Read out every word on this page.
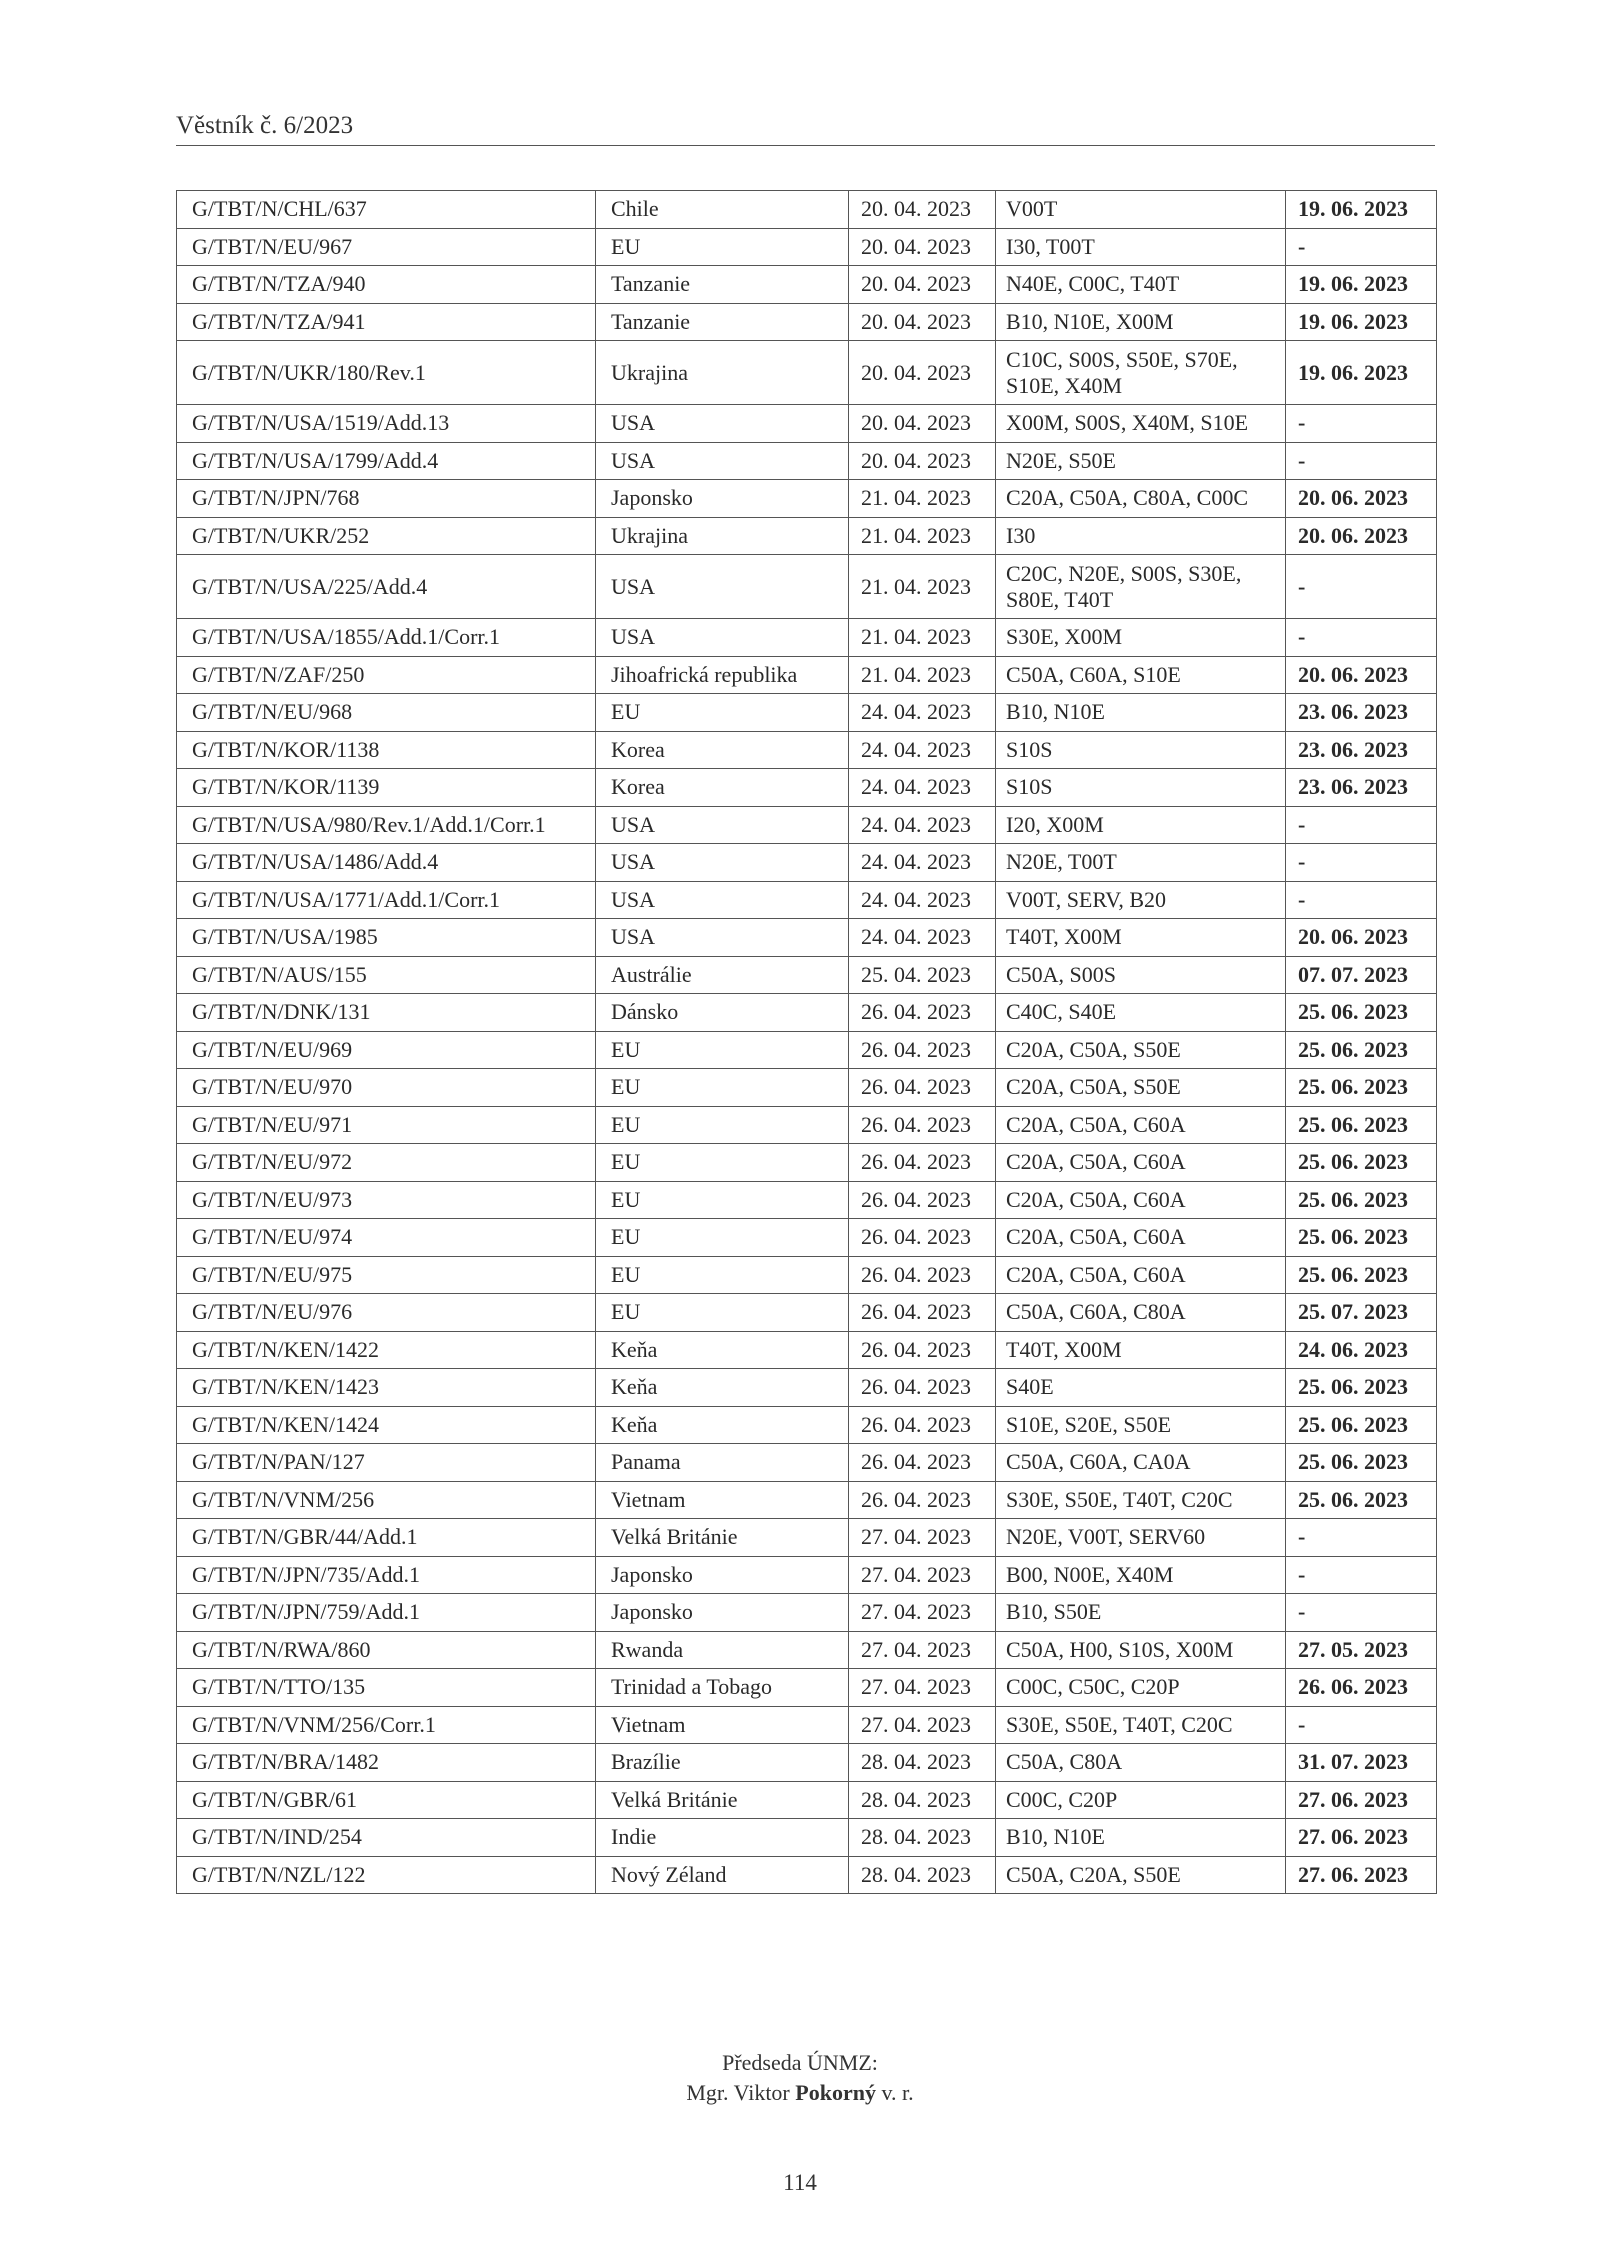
Věstník č. 6/2023
G/TBT/N/CHL/637	Chile	20. 04. 2023	V00T	19. 06. 2023
G/TBT/N/EU/967	EU	20. 04. 2023	I30, T00T	-
G/TBT/N/TZA/940	Tanzanie	20. 04. 2023	N40E, C00C, T40T	19. 06. 2023
G/TBT/N/TZA/941	Tanzanie	20. 04. 2023	B10, N10E, X00M	19. 06. 2023
G/TBT/N/UKR/180/Rev.1	Ukrajina	20. 04. 2023	C10C, S00S, S50E, S70E, S10E, X40M	19. 06. 2023
G/TBT/N/USA/1519/Add.13	USA	20. 04. 2023	X00M, S00S, X40M, S10E	-
G/TBT/N/USA/1799/Add.4	USA	20. 04. 2023	N20E, S50E	-
G/TBT/N/JPN/768	Japonsko	21. 04. 2023	C20A, C50A, C80A, C00C	20. 06. 2023
G/TBT/N/UKR/252	Ukrajina	21. 04. 2023	I30	20. 06. 2023
G/TBT/N/USA/225/Add.4	USA	21. 04. 2023	C20C, N20E, S00S, S30E, S80E, T40T	-
G/TBT/N/USA/1855/Add.1/Corr.1	USA	21. 04. 2023	S30E, X00M	-
G/TBT/N/ZAF/250	Jihoafrická republika	21. 04. 2023	C50A, C60A, S10E	20. 06. 2023
G/TBT/N/EU/968	EU	24. 04. 2023	B10, N10E	23. 06. 2023
G/TBT/N/KOR/1138	Korea	24. 04. 2023	S10S	23. 06. 2023
G/TBT/N/KOR/1139	Korea	24. 04. 2023	S10S	23. 06. 2023
G/TBT/N/USA/980/Rev.1/Add.1/Corr.1	USA	24. 04. 2023	I20, X00M	-
G/TBT/N/USA/1486/Add.4	USA	24. 04. 2023	N20E, T00T	-
G/TBT/N/USA/1771/Add.1/Corr.1	USA	24. 04. 2023	V00T, SERV, B20	-
G/TBT/N/USA/1985	USA	24. 04. 2023	T40T, X00M	20. 06. 2023
G/TBT/N/AUS/155	Austrálie	25. 04. 2023	C50A, S00S	07. 07. 2023
G/TBT/N/DNK/131	Dánsko	26. 04. 2023	C40C, S40E	25. 06. 2023
G/TBT/N/EU/969	EU	26. 04. 2023	C20A, C50A, S50E	25. 06. 2023
G/TBT/N/EU/970	EU	26. 04. 2023	C20A, C50A, S50E	25. 06. 2023
G/TBT/N/EU/971	EU	26. 04. 2023	C20A, C50A, C60A	25. 06. 2023
G/TBT/N/EU/972	EU	26. 04. 2023	C20A, C50A, C60A	25. 06. 2023
G/TBT/N/EU/973	EU	26. 04. 2023	C20A, C50A, C60A	25. 06. 2023
G/TBT/N/EU/974	EU	26. 04. 2023	C20A, C50A, C60A	25. 06. 2023
G/TBT/N/EU/975	EU	26. 04. 2023	C20A, C50A, C60A	25. 06. 2023
G/TBT/N/EU/976	EU	26. 04. 2023	C50A, C60A, C80A	25. 07. 2023
G/TBT/N/KEN/1422	Keňa	26. 04. 2023	T40T, X00M	24. 06. 2023
G/TBT/N/KEN/1423	Keňa	26. 04. 2023	S40E	25. 06. 2023
G/TBT/N/KEN/1424	Keňa	26. 04. 2023	S10E, S20E, S50E	25. 06. 2023
G/TBT/N/PAN/127	Panama	26. 04. 2023	C50A, C60A, CA0A	25. 06. 2023
G/TBT/N/VNM/256	Vietnam	26. 04. 2023	S30E, S50E, T40T, C20C	25. 06. 2023
G/TBT/N/GBR/44/Add.1	Velká Británie	27. 04. 2023	N20E, V00T, SERV60	-
G/TBT/N/JPN/735/Add.1	Japonsko	27. 04. 2023	B00, N00E, X40M	-
G/TBT/N/JPN/759/Add.1	Japonsko	27. 04. 2023	B10, S50E	-
G/TBT/N/RWA/860	Rwanda	27. 04. 2023	C50A, H00, S10S, X00M	27. 05. 2023
G/TBT/N/TTO/135	Trinidad a Tobago	27. 04. 2023	C00C, C50C, C20P	26. 06. 2023
G/TBT/N/VNM/256/Corr.1	Vietnam	27. 04. 2023	S30E, S50E, T40T, C20C	-
G/TBT/N/BRA/1482	Brazílie	28. 04. 2023	C50A, C80A	31. 07. 2023
G/TBT/N/GBR/61	Velká Británie	28. 04. 2023	C00C, C20P	27. 06. 2023
G/TBT/N/IND/254	Indie	28. 04. 2023	B10, N10E	27. 06. 2023
G/TBT/N/NZL/122	Nový Zéland	28. 04. 2023	C50A, C20A, S50E	27. 06. 2023
Předseda ÚNMZ:
Mgr. Viktor Pokorný v. r.
114
